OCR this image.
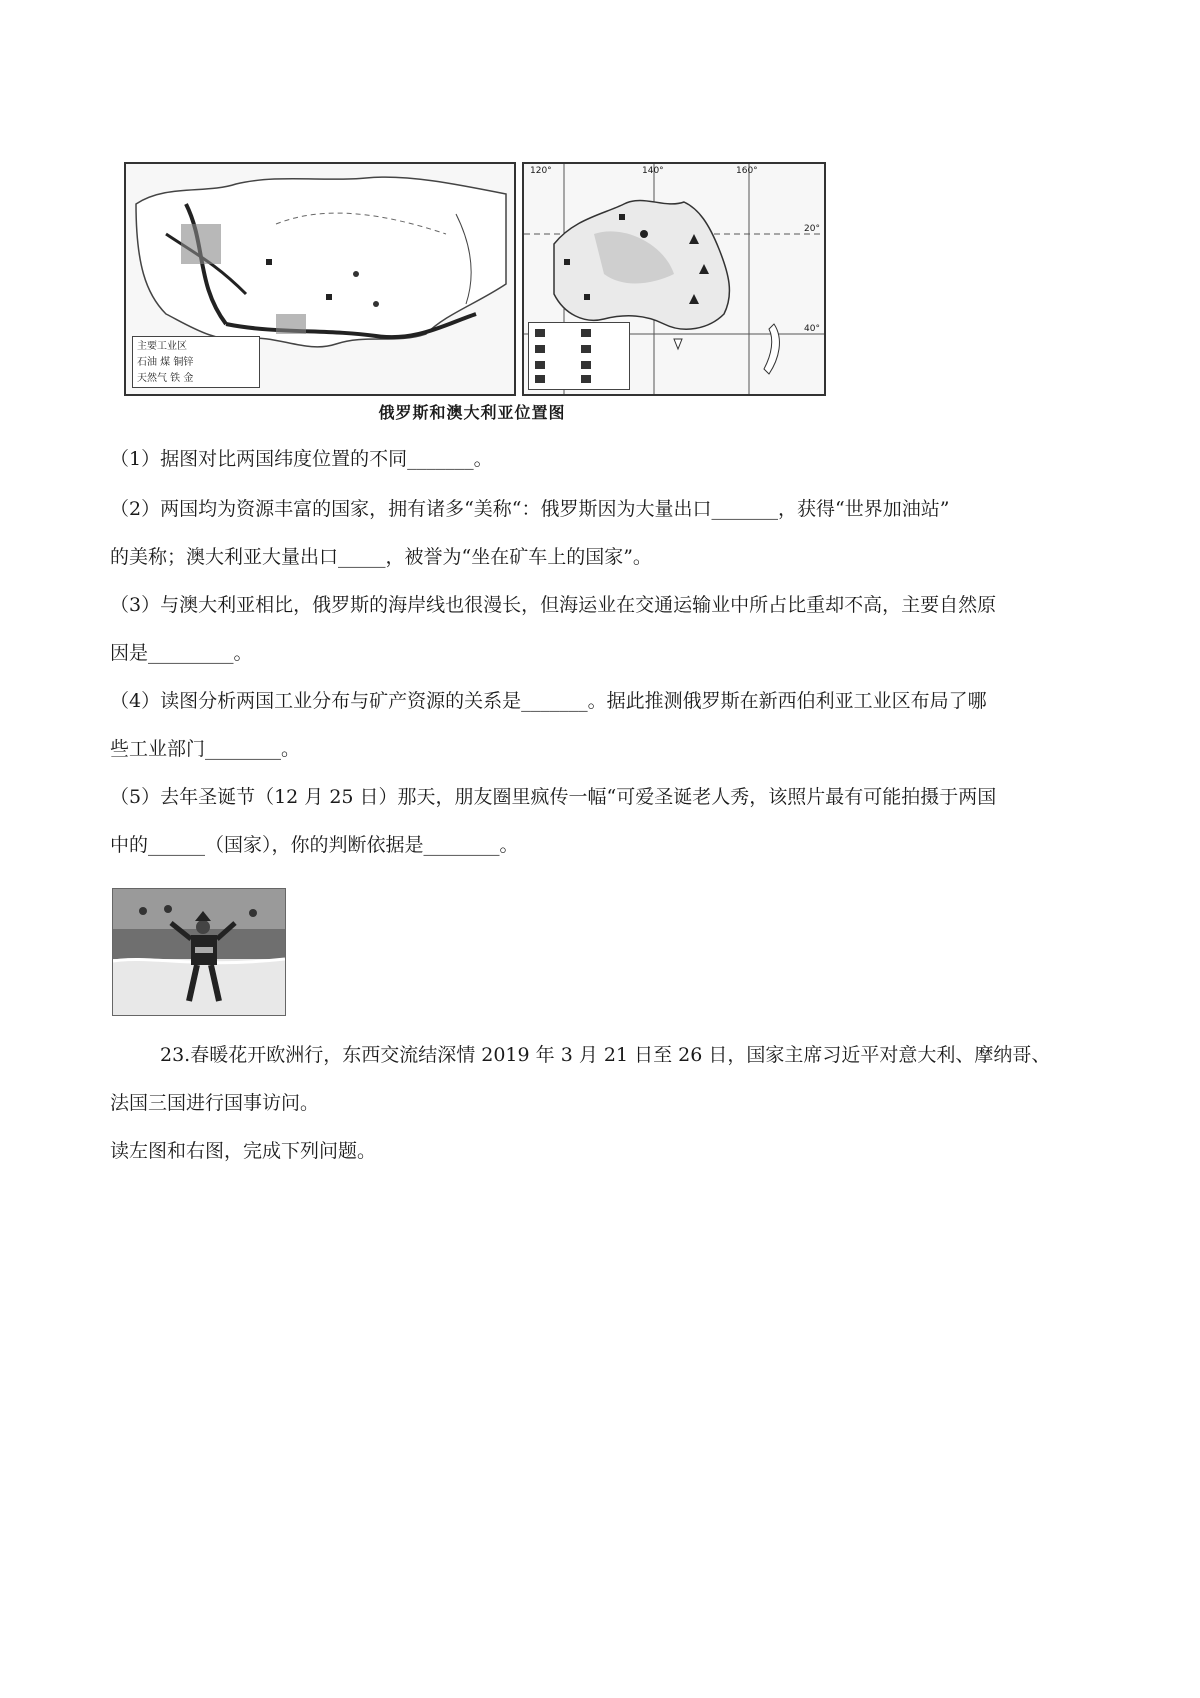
主要工业区
石油 煤 铜锌
天然气 铁 金
120°	140°	160°
20°
40°
俄罗斯和澳大利亚位置图
（1）据图对比两国纬度位置的不同_______。
（2）两国均为资源丰富的国家，拥有诸多“美称“：俄罗斯因为大量出口_______，获得“世界加油站”
的美称；澳大利亚大量出口_____，被誉为“坐在矿车上的国家”。
（3）与澳大利亚相比，俄罗斯的海岸线也很漫长，但海运业在交通运输业中所占比重却不高，主要自然原
因是_________。
（4）读图分析两国工业分布与矿产资源的关系是_______。据此推测俄罗斯在新西伯利亚工业区布局了哪
些工业部门________。
（5）去年圣诞节（12 月 25 日）那天，朋友圈里疯传一幅“可爱圣诞老人秀，该照片最有可能拍摄于两国
中的______（国家），你的判断依据是________。
23.春暖花开欧洲行，东西交流结深情 2019 年 3 月 21 日至 26 日，国家主席习近平对意大利、摩纳哥、
法国三国进行国事访问。
读左图和右图，完成下列问题。
